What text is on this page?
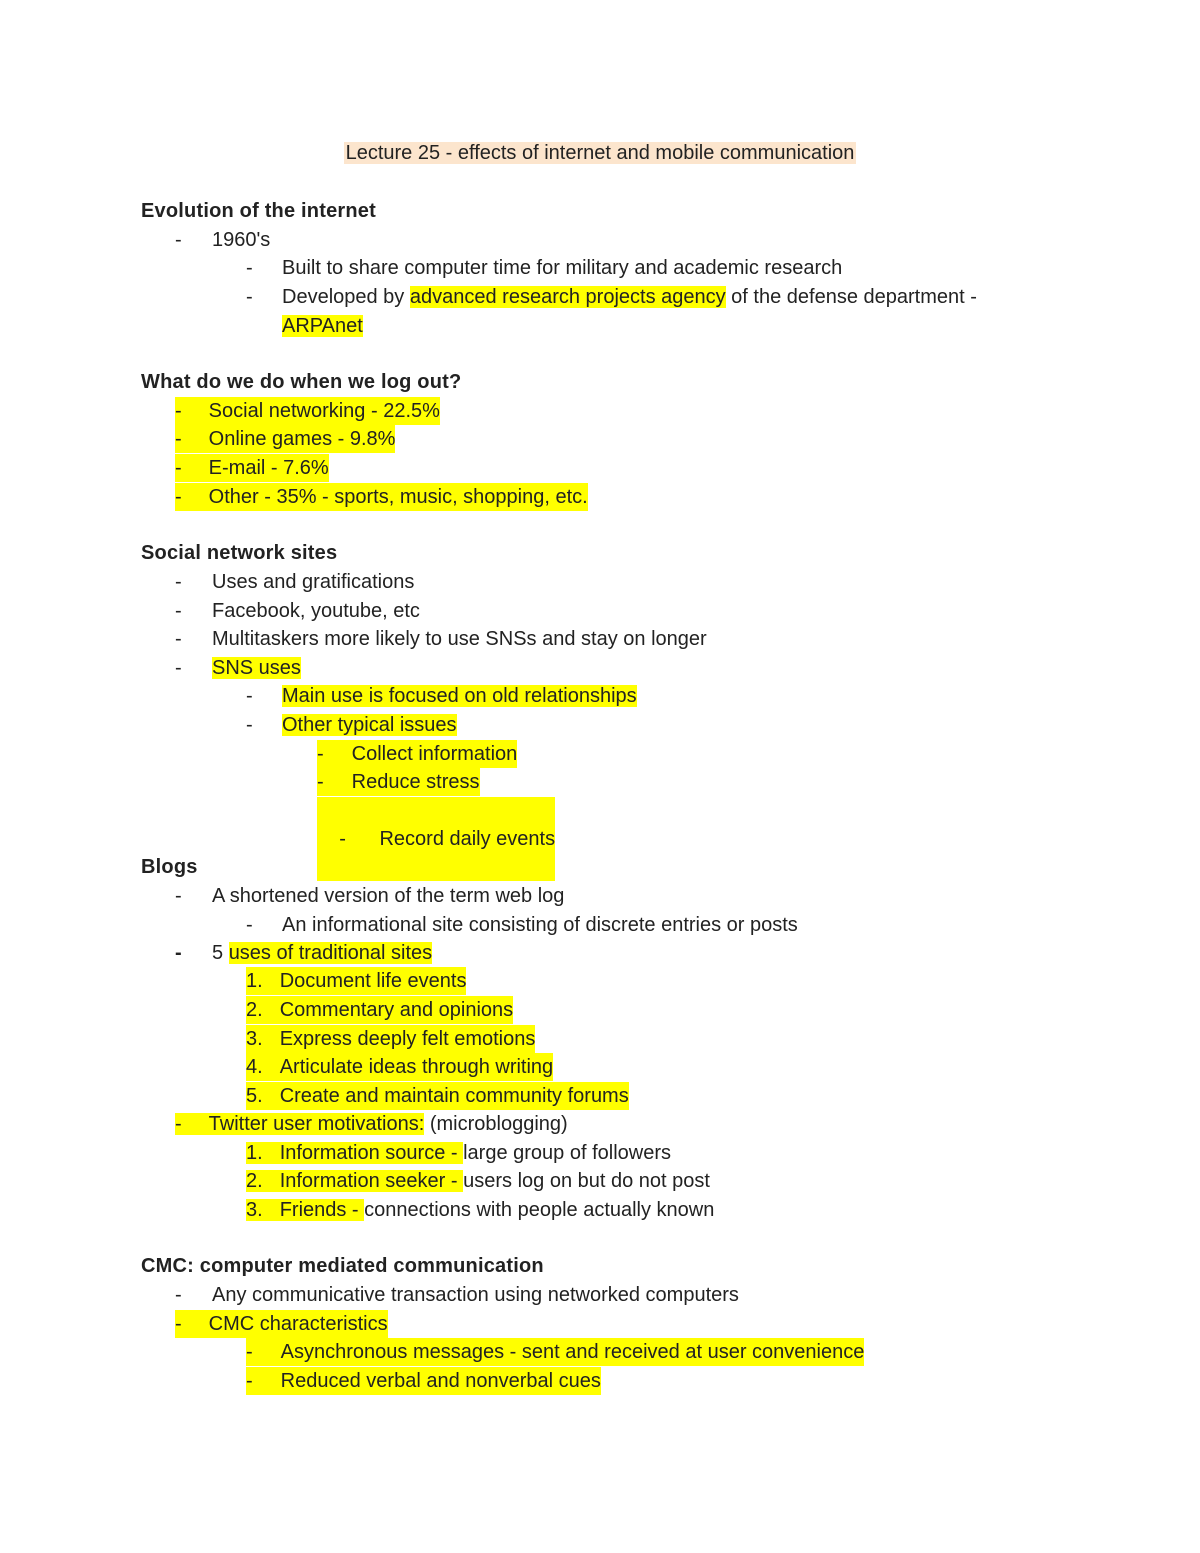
Lecture 25 - effects of internet and mobile communication
Evolution of the internet
- 1960's
- Built to share computer time for military and academic research
- Developed by advanced research projects agency of the defense department -
ARPAnet
What do we do when we log out?
- Social networking - 22.5%
- Online games - 9.8%
- E-mail - 7.6%
- Other - 35% - sports, music, shopping, etc.
Social network sites
- Uses and gratifications
- Facebook, youtube, etc
- Multitaskers more likely to use SNSs and stay on longer
- SNS uses
- Main use is focused on old relationships
- Other typical issues
- Collect information
- Reduce stress

- Record daily events

Blogs
- A shortened version of the term web log
- An informational site consisting of discrete entries or posts
- 5 uses of traditional sites
1. Document life events
2. Commentary and opinions
3. Express deeply felt emotions
4. Articulate ideas through writing
5. Create and maintain community forums
- Twitter user motivations: (microblogging)
1. Information source - large group of followers
2. Information seeker - users log on but do not post
3. Friends - connections with people actually known
CMC: computer mediated communication
- Any communicative transaction using networked computers
- CMC characteristics
- Asynchronous messages - sent and received at user convenience
- Reduced verbal and nonverbal cues
